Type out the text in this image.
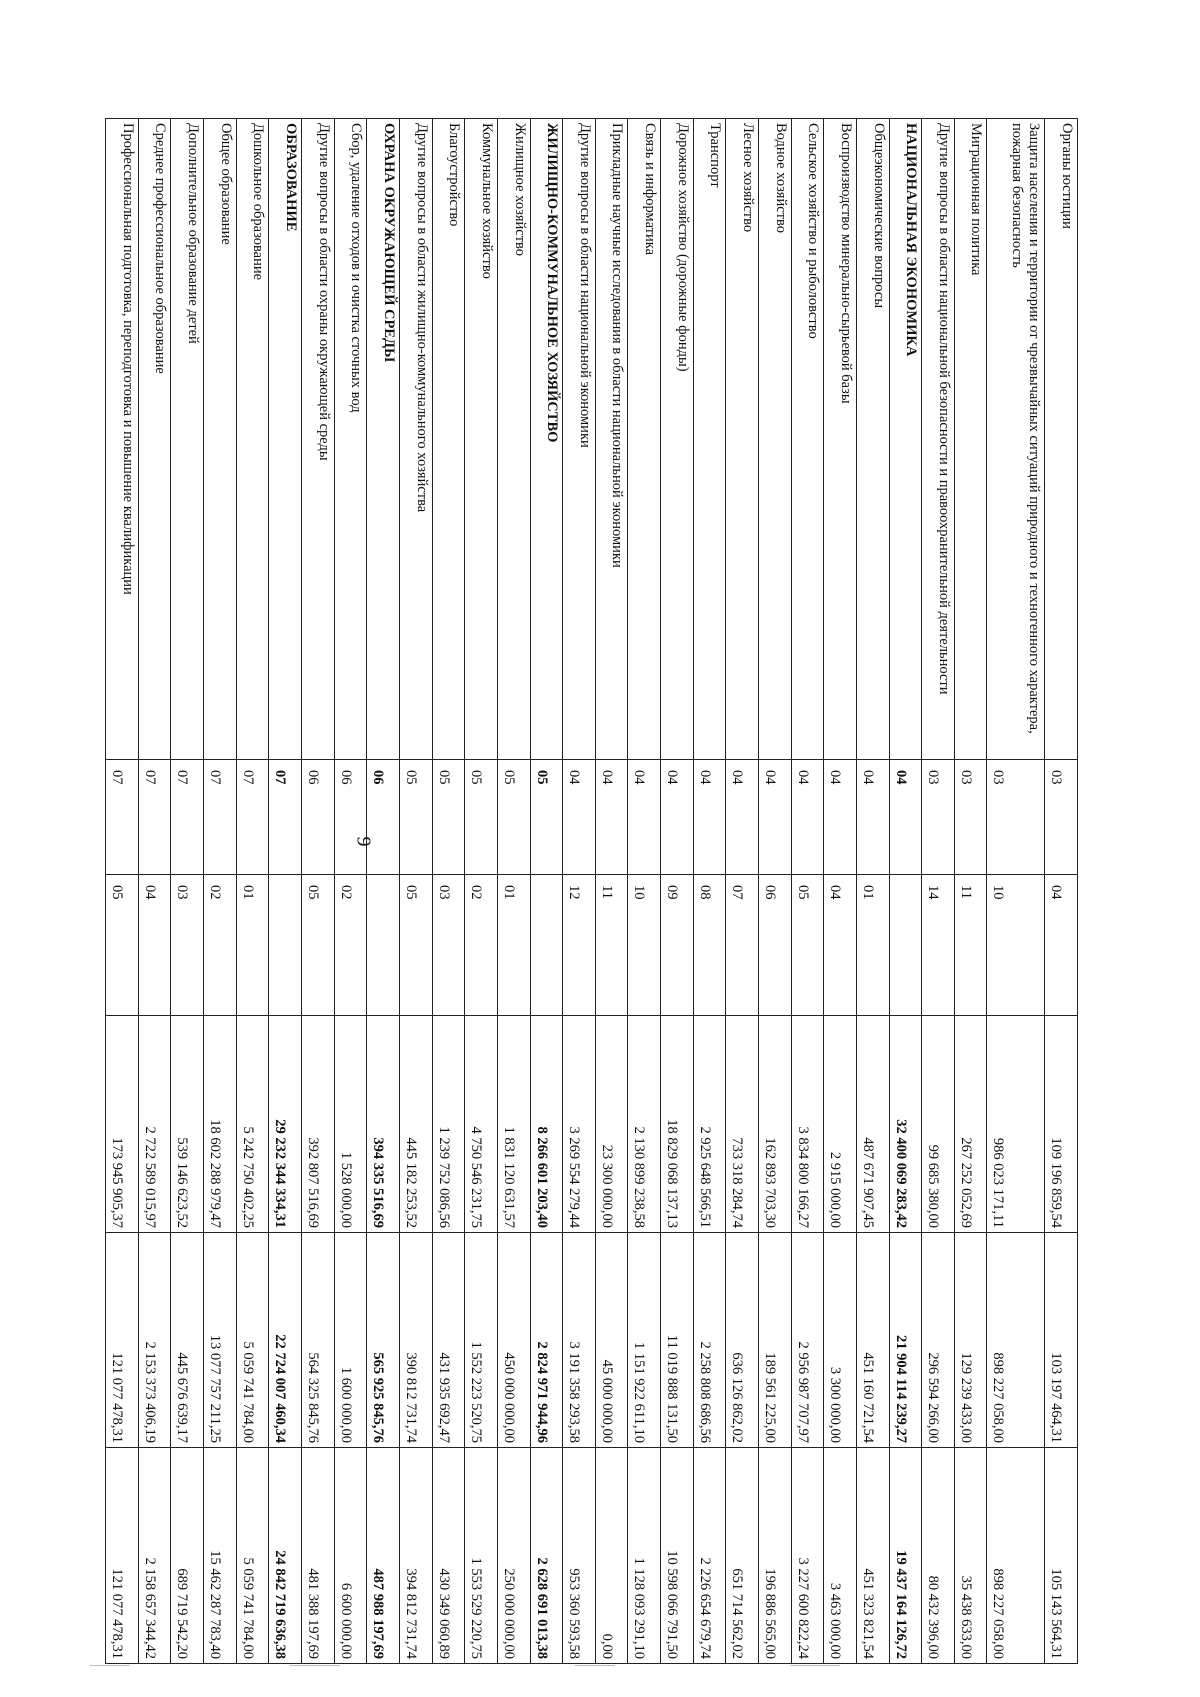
9
Органы юстиции	03	04	109 196 859,54	103 197 464,31	105 143 564,31
Защита населения и территории от чрезвычайных ситуаций природного и техногенного характера, пожарная безопасность	03	10	986 023 171,11	898 227 058,00	898 227 058,00
Миграционная политика	03	11	267 252 052,69	129 239 433,00	35 438 633,00
Другие вопросы в области национальной безопасности и правоохранительной деятельности	03	14	99 685 380,00	296 594 266,00	80 432 396,00
НАЦИОНАЛЬНАЯ ЭКОНОМИКА	04		32 400 069 283,42	21 904 114 239,27	19 437 164 126,72
Общеэкономические вопросы	04	01	487 671 907,45	451 160 721,54	451 323 821,54
Воспроизводство минерально-сырьевой базы	04	04	2 915 000,00	3 300 000,00	3 463 000,00
Сельское хозяйство и рыболовство	04	05	3 834 800 166,27	2 956 987 707,97	3 227 600 822,24
Водное хозяйство	04	06	162 893 703,30	189 561 225,00	196 886 565,00
Лесное хозяйство	04	07	733 318 284,74	636 126 862,02	651 714 562,02
Транспорт	04	08	2 925 648 566,51	2 258 808 686,56	2 226 654 679,74
Дорожное хозяйство (дорожные фонды)	04	09	18 829 068 137,13	11 019 888 131,50	10 598 066 791,50
Связь и информатика	04	10	2 130 899 238,58	1 151 922 611,10	1 128 093 291,10
Прикладные научные исследования в области национальной экономики	04	11	23 300 000,00	45 000 000,00	0,00
Другие вопросы в области национальной экономики	04	12	3 269 554 279,44	3 191 358 293,58	953 360 593,58
ЖИЛИЩНО-КОММУНАЛЬНОЕ ХОЗЯЙСТВО	05		8 266 601 203,40	2 824 971 944,96	2 628 691 013,38
Жилищное хозяйство	05	01	1 831 120 631,57	450 000 000,00	250 000 000,00
Коммунальное хозяйство	05	02	4 750 546 231,75	1 552 223 520,75	1 553 529 220,75
Благоустройство	05	03	1 239 752 086,56	431 935 692,47	430 349 060,89
Другие вопросы в области жилищно-коммунального хозяйства	05	05	445 182 253,52	390 812 731,74	394 812 731,74
ОХРАНА ОКРУЖАЮЩЕЙ СРЕДЫ	06		394 335 516,69	565 925 845,76	487 988 197,69
Сбор, удаление отходов и очистка сточных вод	06	02	1 528 000,00	1 600 000,00	6 600 000,00
Другие вопросы в области охраны окружающей среды	06	05	392 807 516,69	564 325 845,76	481 388 197,69
ОБРАЗОВАНИЕ	07		29 232 344 334,31	22 724 007 460,34	24 842 719 636,38
Дошкольное образование	07	01	5 242 750 402,25	5 059 741 784,00	5 059 741 784,00
Общее образование	07	02	18 602 288 979,47	13 077 757 211,25	15 462 287 783,40
Дополнительное образование детей	07	03	539 146 623,52	445 676 639,17	689 719 542,20
Среднее профессиональное образование	07	04	2 722 589 015,97	2 153 373 406,19	2 158 657 344,42
Профессиональная подготовка, переподготовка и повышение квалификации	07	05	173 945 905,37	121 077 478,31	121 077 478,31
